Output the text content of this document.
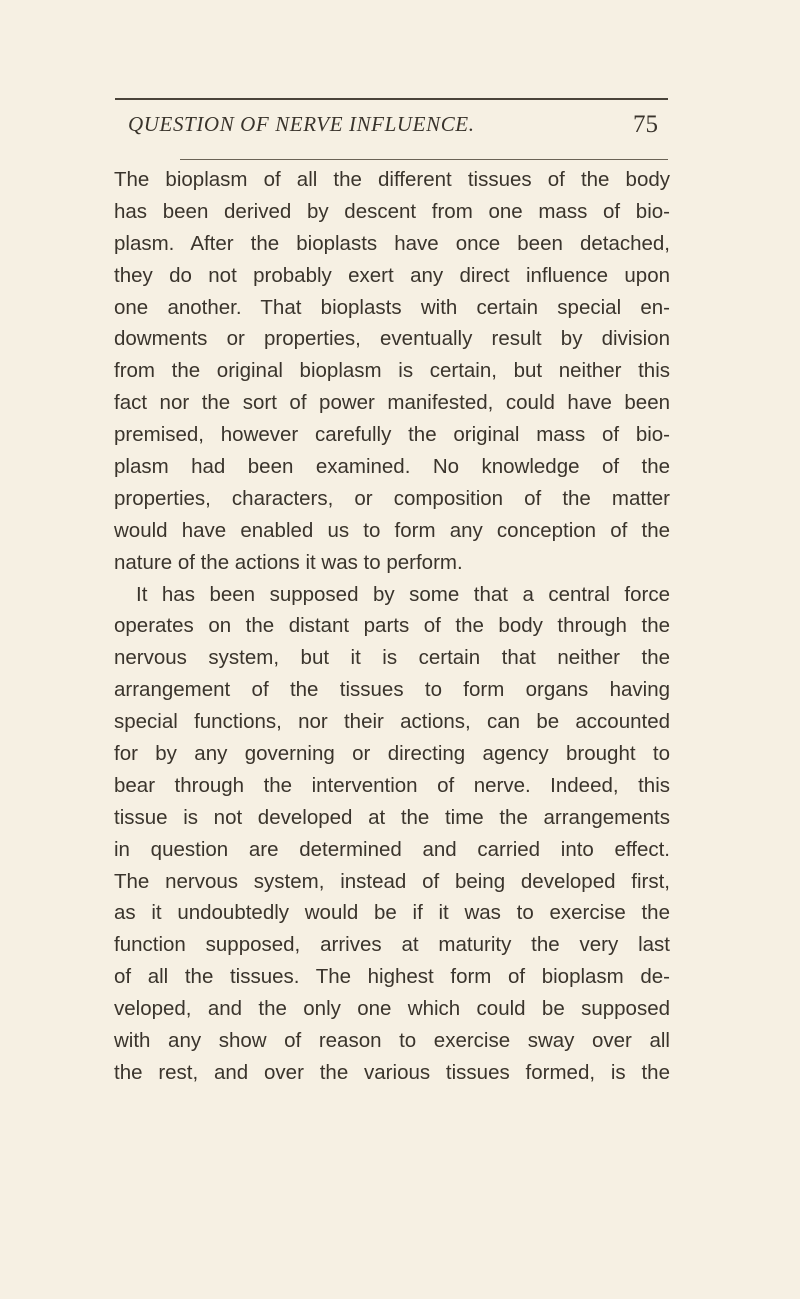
QUESTION OF NERVE INFLUENCE.	75
The bioplasm of all the different tissues of the body
has been derived by descent from one mass of bio-
plasm. After the bioplasts have once been detached,
they do not probably exert any direct influence upon
one another. That bioplasts with certain special en-
dowments or properties, eventually result by division
from the original bioplasm is certain, but neither this
fact nor the sort of power manifested, could have been
premised, however carefully the original mass of bio-
plasm had been examined. No knowledge of the
properties, characters, or composition of the matter
would have enabled us to form any conception of the
nature of the actions it was to perform.
It has been supposed by some that a central force
operates on the distant parts of the body through the
nervous system, but it is certain that neither the
arrangement of the tissues to form organs having
special functions, nor their actions, can be accounted
for by any governing or directing agency brought to
bear through the intervention of nerve. Indeed, this
tissue is not developed at the time the arrangements
in question are determined and carried into effect.
The nervous system, instead of being developed first,
as it undoubtedly would be if it was to exercise the
function supposed, arrives at maturity the very last
of all the tissues. The highest form of bioplasm de-
veloped, and the only one which could be supposed
with any show of reason to exercise sway over all
the rest, and over the various tissues formed, is the
